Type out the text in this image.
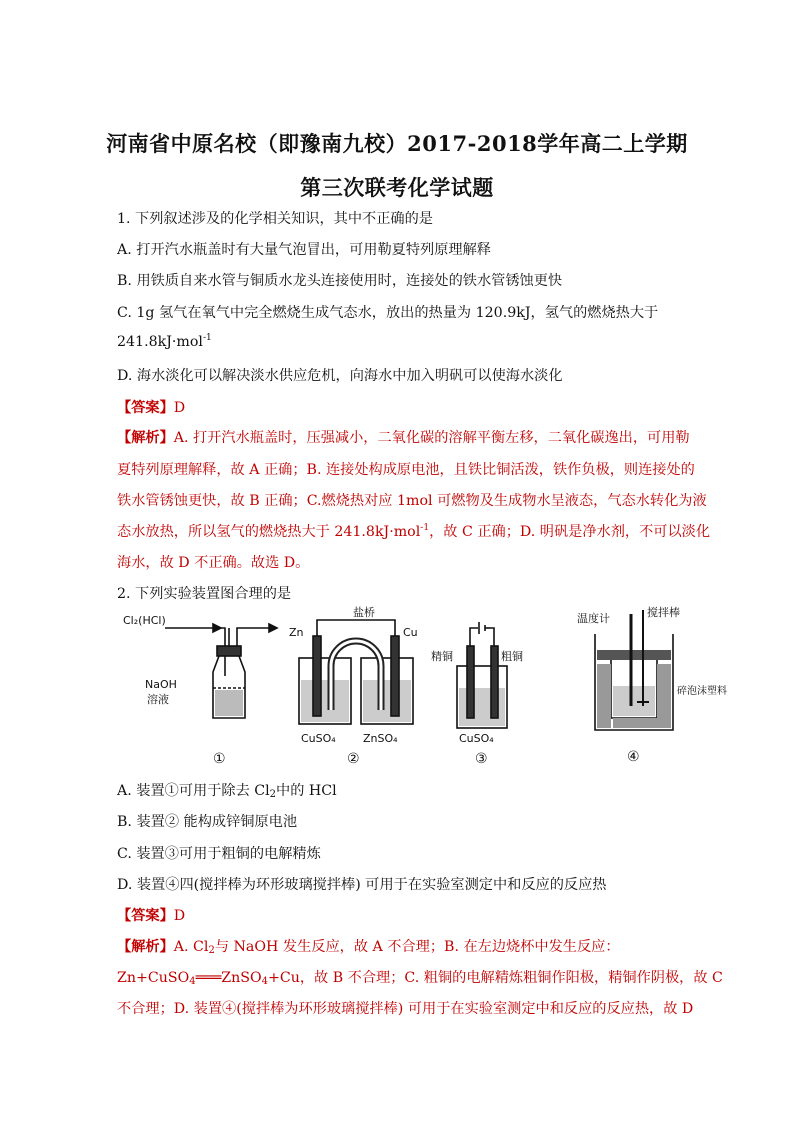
河南省中原名校（即豫南九校）2017-2018学年高二上学期
第三次联考化学试题
1. 下列叙述涉及的化学相关知识，其中不正确的是
A. 打开汽水瓶盖时有大量气泡冒出，可用勒夏特列原理解释
B. 用铁质自来水管与铜质水龙头连接使用时，连接处的铁水管锈蚀更快
C. 1g 氢气在氧气中完全燃烧生成气态水，放出的热量为 120.9kJ，氢气的燃烧热大于
241.8kJ·mol$^{-1}$
D. 海水淡化可以解决淡水供应危机，向海水中加入明矾可以使海水淡化
【答案】D
【解析】A. 打开汽水瓶盖时，压强减小，二氧化碳的溶解平衡左移，二氧化碳逸出，可用勒
夏特列原理解释，故 A 正确；B. 连接处构成原电池，且铁比铜活泼，铁作负极，则连接处的
铁水管锈蚀更快，故 B 正确；C.燃烧热对应 1mol 可燃物及生成物水呈液态，气态水转化为液
态水放热，所以氢气的燃烧热大于 241.8kJ·mol$^{-1}$，故 C 正确；D. 明矾是净水剂，不可以淡化
海水，故 D 不正确。故选 D。
2. 下列实验装置图合理的是
Cl₂(HCl)
NaOH
溶液
Zn	Cu
盐桥
CuSO₄ ZnSO₄
精铜	粗铜
CuSO₄
温度计	搅拌棒
碎泡沫塑料
①	②	③	④
A. 装置①可用于除去 $Cl_2$中的 HCl
B. 装置② 能构成锌铜原电池
C. 装置③可用于粗铜的电解精炼
D. 装置④四(搅拌棒为环形玻璃搅拌棒) 可用于在实验室测定中和反应的反应热
【答案】D
【解析】A. $Cl_2$与 NaOH 发生反应，故 A 不合理；B. 在左边烧杯中发生反应：
Zn+CuSO$_4$═══ZnSO$_4$+Cu，故 B 不合理；C. 粗铜的电解精炼粗铜作阳极，精铜作阴极，故 C
不合理；D. 装置④(搅拌棒为环形玻璃搅拌棒) 可用于在实验室测定中和反应的反应热，故 D
